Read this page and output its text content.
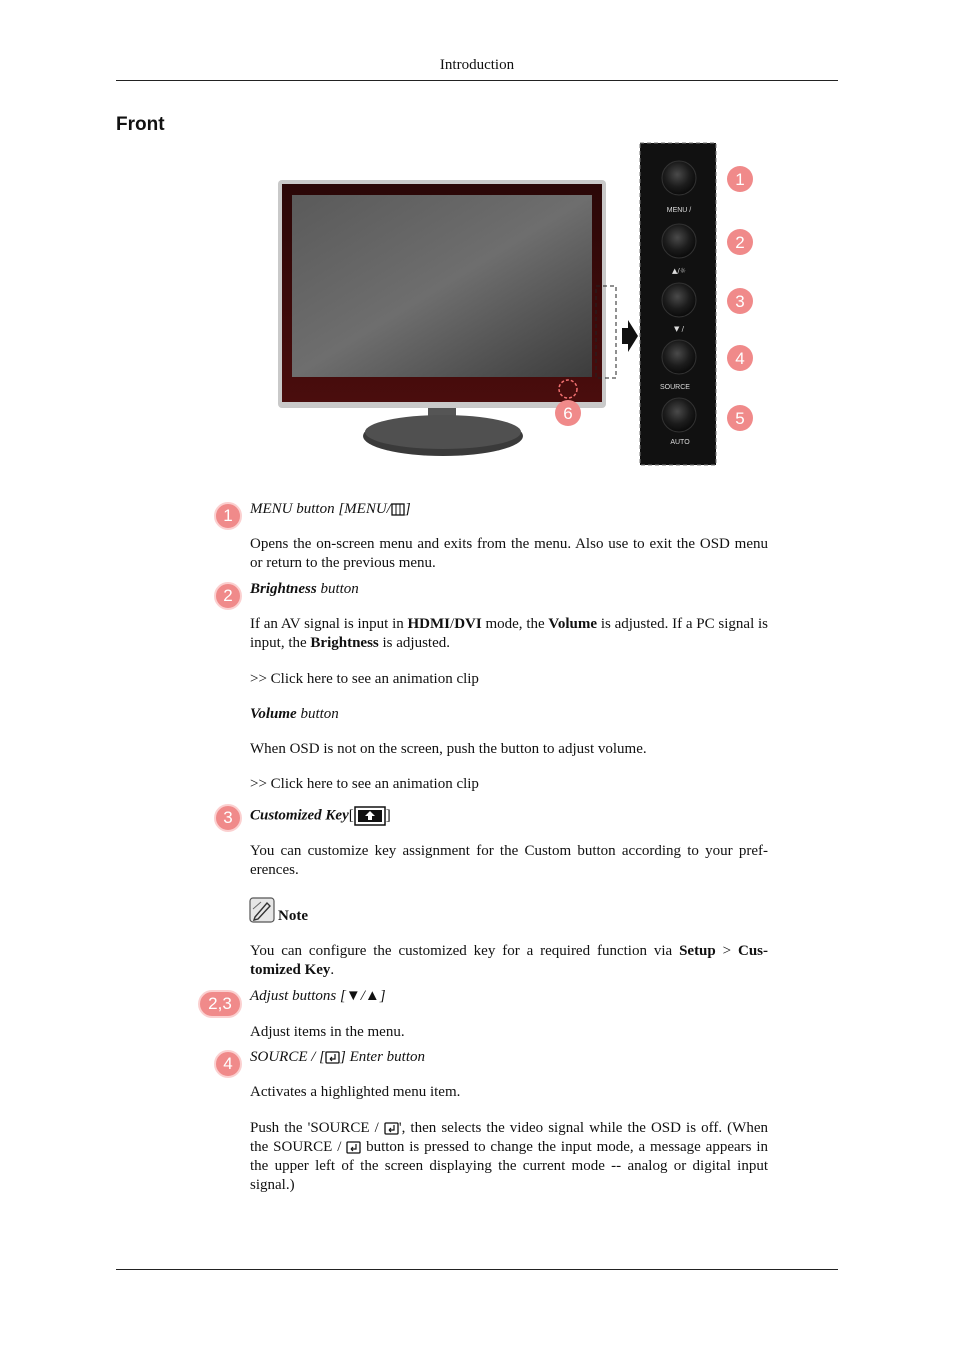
Introduction
Front
MENU /
▲/☼
▼ /
SOURCE
AUTO
1
2
3
4
5
6
1	MENU button [MENU/ ]
Opens the on-screen menu and exits from the menu. Also use to exit the OSD menu or return to the previous menu.
2	Brightness button
If an AV signal is input in HDMI/DVI mode, the Volume is adjusted. If a PC signal is input, the Brightness is adjusted.
>> Click here to see an animation clip
Volume button
When OSD is not on the screen, push the button to adjust volume.
>> Click here to see an animation clip
3	Customized Key[ ]
You can customize key assignment for the Custom button according to your pref- erences.
Note
You can configure the customized key for a required function via Setup > Cus- tomized Key.
2,3	Adjust buttons [▼/▲]
Adjust items in the menu.
4	SOURCE / [ ] Enter button
Activates a highlighted menu item.
Push the 'SOURCE / ', then selects the video signal while the OSD is off. (When the SOURCE /  button is pressed to change the input mode, a message appears in the upper left of the screen displaying the current mode -- analog or digital input signal.)
